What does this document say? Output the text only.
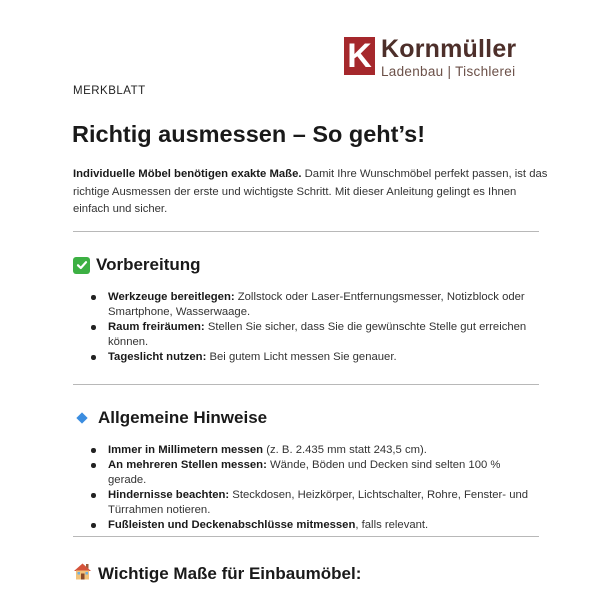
K Kornmüller
Ladenbau | Tischlerei
MERKBLATT
Richtig ausmessen – So geht’s!

Individuelle Möbel benötigen exakte Maße. Damit Ihre Wunschmöbel perfekt passen, ist das richtige Ausmessen der erste und wichtigste Schritt. Mit dieser Anleitung gelingt es Ihnen einfach und sicher.

Vorbereitung
Werkzeuge bereitlegen: Zollstock oder Laser-Entfernungsmesser, Notizblock oder Smartphone, Wasserwaage.
Raum freiräumen: Stellen Sie sicher, dass Sie die gewünschte Stelle gut erreichen können.
Tageslicht nutzen: Bei gutem Licht messen Sie genauer.
Allgemeine Hinweise
Immer in Millimetern messen (z. B. 2.435 mm statt 243,5 cm).
An mehreren Stellen messen: Wände, Böden und Decken sind selten 100 % gerade.
Hindernisse beachten: Steckdosen, Heizkörper, Lichtschalter, Rohre, Fenster- und Türrahmen notieren.
Fußleisten und Deckenabschlüsse mitmessen, falls relevant.
Wichtige Maße für Einbaumöbel:
